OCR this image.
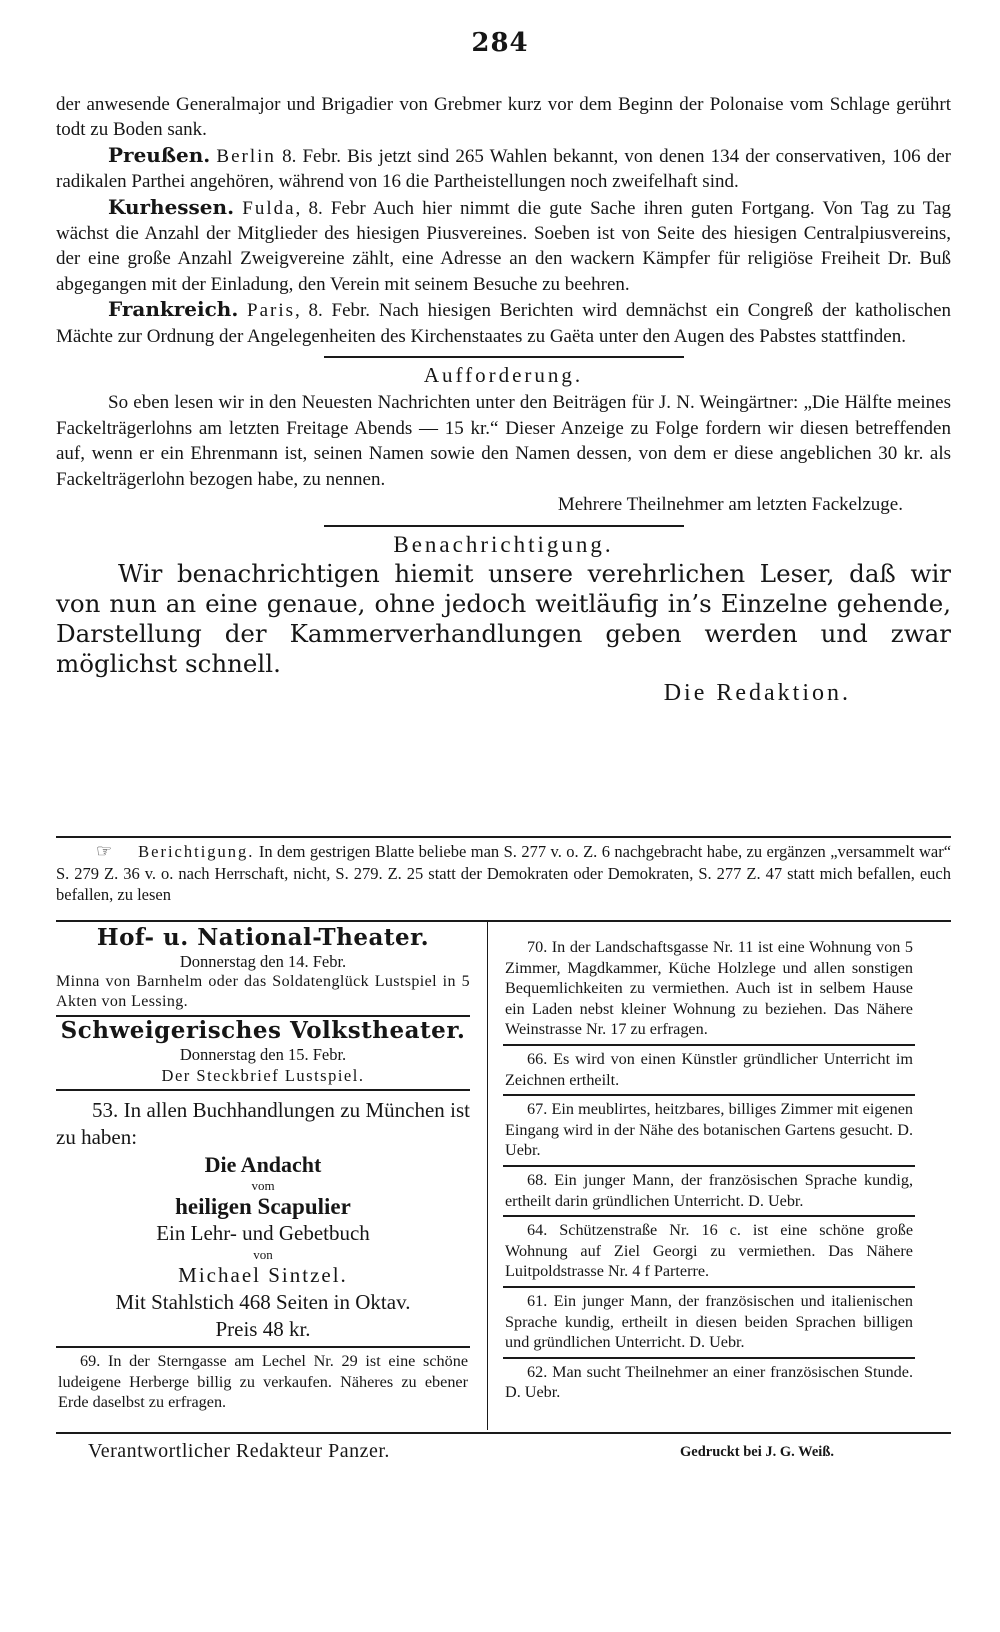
284

der anwesende Generalmajor und Brigadier von Grebmer kurz vor dem Beginn der Polonaise vom Schlage gerührt todt zu Boden sank.

Preußen. Berlin 8. Febr. Bis jetzt sind 265 Wahlen bekannt, von denen 134 der conservativen, 106 der radikalen Parthei angehören, während von 16 die Partheistellungen noch zweifelhaft sind.

Kurhessen. Fulda, 8. Febr Auch hier nimmt die gute Sache ihren guten Fortgang. Von Tag zu Tag wächst die Anzahl der Mitglieder des hiesigen Piusvereines. Soeben ist von Seite des hiesigen Centralpiusvereins, der eine große Anzahl Zweigvereine zählt, eine Adresse an den wackern Kämpfer für religiöse Freiheit Dr. Buß abgegangen mit der Einladung, den Verein mit seinem Besuche zu beehren.

Frankreich. Paris, 8. Febr. Nach hiesigen Berichten wird demnächst ein Congreß der katholischen Mächte zur Ordnung der Angelegenheiten des Kirchenstaates zu Gaëta unter den Augen des Pabstes stattfinden.

Aufforderung.

So eben lesen wir in den Neuesten Nachrichten unter den Beiträgen für J. N. Weingärtner: „Die Hälfte meines Fackelträgerlohns am letzten Freitage Abends — 15 kr.“ Dieser Anzeige zu Folge fordern wir diesen betreffenden auf, wenn er ein Ehrenmann ist, seinen Namen sowie den Namen dessen, von dem er diese angeblichen 30 kr. als Fackelträgerlohn bezogen habe, zu nennen.

Mehrere Theilnehmer am letzten Fackelzuge.
Benachrichtigung.

Wir benachrichtigen hiemit unsere verehrlichen Leser, daß wir von nun an eine genaue, ohne jedoch weitläufig in’s Einzelne gehende, Darstellung der Kammerverhandlungen geben werden und zwar möglichst schnell.

Die Redaktion.
☞ Berichtigung. In dem gestrigen Blatte beliebe man S. 277 v. o. Z. 6 nachgebracht habe, zu ergänzen „versammelt war“ S. 279 Z. 36 v. o. nach Herrschaft, nicht, S. 279. Z. 25 statt der Demokraten oder Demokraten, S. 277 Z. 47 statt mich befallen, euch befallen, zu lesen
Hof- u. National-Theater.
Donnerstag den 14. Febr.
Minna von Barnhelm oder das Soldatenglück Lustspiel in 5 Akten von Lessing.
Schweigerisches Volkstheater.
Donnerstag den 15. Febr.
Der Steckbrief Lustspiel.
53. In allen Buchhandlungen zu München ist zu haben:
Die Andacht
vom
heiligen Scapulier
Ein Lehr- und Gebetbuch
von
Michael Sintzel.
Mit Stahlstich 468 Seiten in Oktav.
Preis 48 kr.
69. In der Sterngasse am Lechel Nr. 29 ist eine schöne ludeigene Herberge billig zu verkaufen. Näheres zu ebener Erde daselbst zu erfragen.
70. In der Landschaftsgasse Nr. 11 ist eine Wohnung von 5 Zimmer, Magdkammer, Küche Holzlege und allen sonstigen Bequemlichkeiten zu vermiethen. Auch ist in selbem Hause ein Laden nebst kleiner Wohnung zu beziehen. Das Nähere Weinstrasse Nr. 17 zu erfragen.
66. Es wird von einen Künstler gründlicher Unterricht im Zeichnen ertheilt.
67. Ein meublirtes, heitzbares, billiges Zimmer mit eigenen Eingang wird in der Nähe des botanischen Gartens gesucht. D. Uebr.
68. Ein junger Mann, der französischen Sprache kundig, ertheilt darin gründlichen Unterricht. D. Uebr.
64. Schützenstraße Nr. 16 c. ist eine schöne große Wohnung auf Ziel Georgi zu vermiethen. Das Nähere Luitpoldstrasse Nr. 4 f Parterre.
61. Ein junger Mann, der französischen und italienischen Sprache kundig, ertheilt in diesen beiden Sprachen billigen und gründlichen Unterricht. D. Uebr.
62. Man sucht Theilnehmer an einer französischen Stunde. D. Uebr.
Verantwortlicher Redakteur Panzer.	Gedruckt bei J. G. Weiß.
